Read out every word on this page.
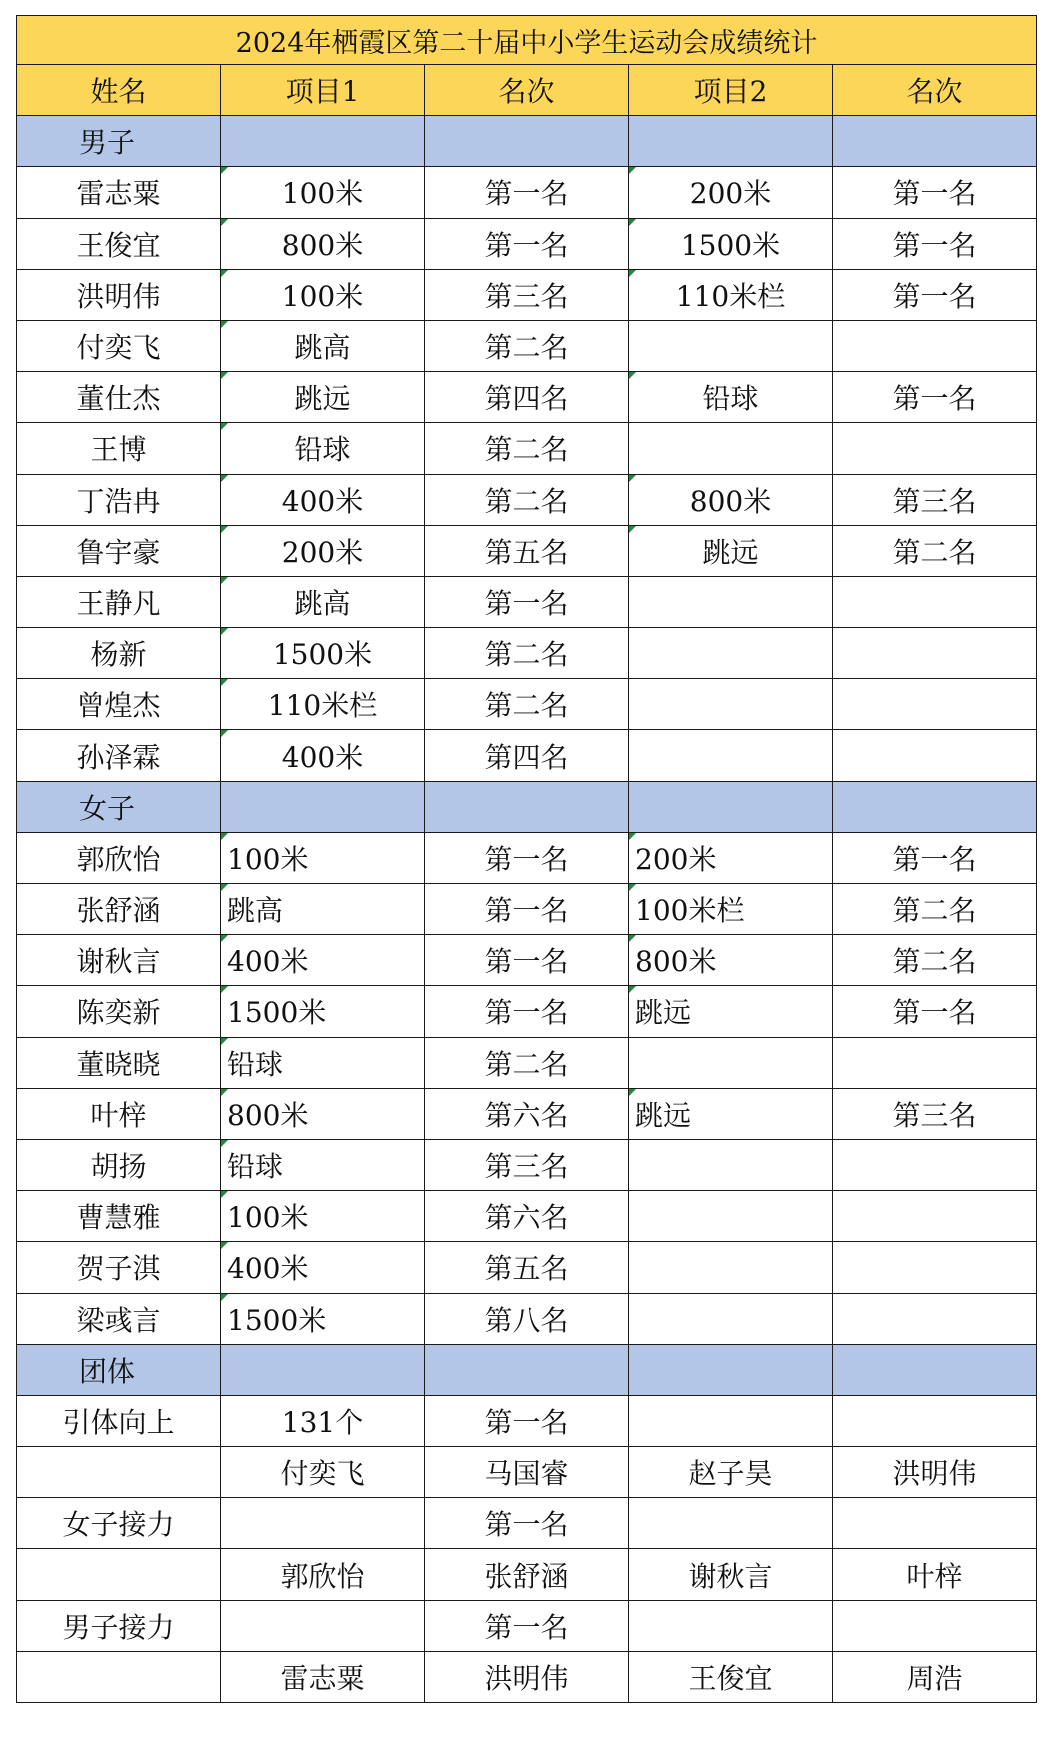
2024年栖霞区第二十届中小学生运动会成绩统计				
姓名	项目1	名次	项目2	名次
男子				
雷志粟	100米	第一名	200米	第一名
王俊宜	800米	第一名	1500米	第一名
洪明伟	100米	第三名	110米栏	第一名
付奕飞	跳高	第二名		
董仕杰	跳远	第四名	铅球	第一名
王博	铅球	第二名		
丁浩冉	400米	第二名	800米	第三名
鲁宇豪	200米	第五名	跳远	第二名
王静凡	跳高	第一名		
杨新	1500米	第二名		
曾煌杰	110米栏	第二名		
孙泽霖	400米	第四名		
女子				
郭欣怡	100米	第一名	200米	第一名
张舒涵	跳高	第一名	100米栏	第二名
谢秋言	400米	第一名	800米	第二名
陈奕新	1500米	第一名	跳远	第一名
董晓晓	铅球	第二名		
叶梓	800米	第六名	跳远	第三名
胡扬	铅球	第三名		
曹慧雅	100米	第六名		
贺子淇	400米	第五名		
梁彧言	1500米	第八名		
团体				
引体向上	131个	第一名		
	付奕飞	马国睿	赵子昊	洪明伟
女子接力		第一名		
	郭欣怡	张舒涵	谢秋言	叶梓
男子接力		第一名		
	雷志粟	洪明伟	王俊宜	周浩
